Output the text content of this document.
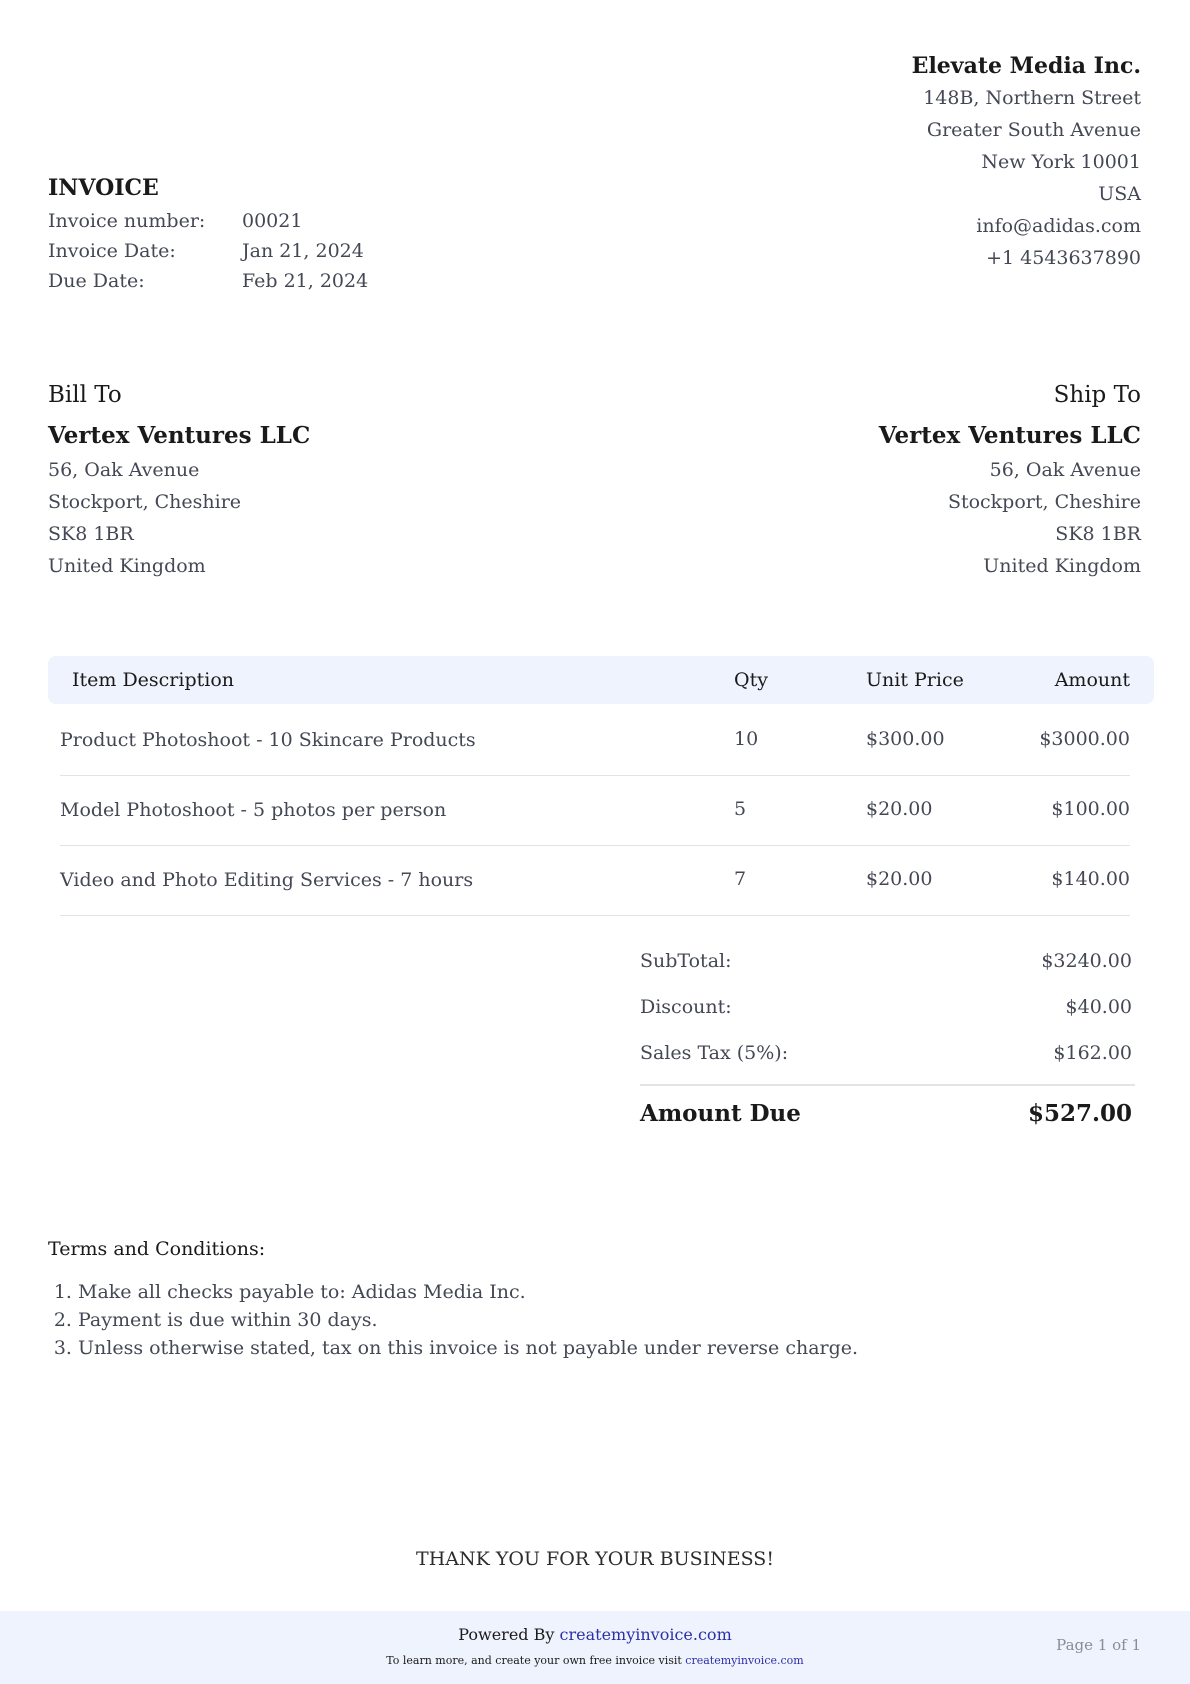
Elevate Media Inc.
148B, Northern Street
Greater South Avenue
New York 10001
USA
info@adidas.com
+1 4543637890
INVOICE
Invoice number:	00021
Invoice Date:	Jan 21, 2024
Due Date:	Feb 21, 2024
Bill To
Vertex Ventures LLC
56, Oak Avenue
Stockport, Cheshire
SK8 1BR
United Kingdom
Ship To
Vertex Ventures LLC
56, Oak Avenue
Stockport, Cheshire
SK8 1BR
United Kingdom
Item Description	Qty	Unit Price	Amount
Product Photoshoot - 10 Skincare Products	10	$300.00	$3000.00
Model Photoshoot - 5 photos per person	5	$20.00	$100.00
Video and Photo Editing Services - 7 hours	7	$20.00	$140.00
SubTotal:	$3240.00
Discount:	$40.00
Sales Tax (5%):	$162.00
Amount Due	$527.00
Terms and Conditions:
1. Make all checks payable to: Adidas Media Inc.
2. Payment is due within 30 days.
3. Unless otherwise stated, tax on this invoice is not payable under reverse charge.
THANK YOU FOR YOUR BUSINESS!
Powered By createmyinvoice.com
To learn more, and create your own free invoice visit createmyinvoice.com
Page 1 of 1
